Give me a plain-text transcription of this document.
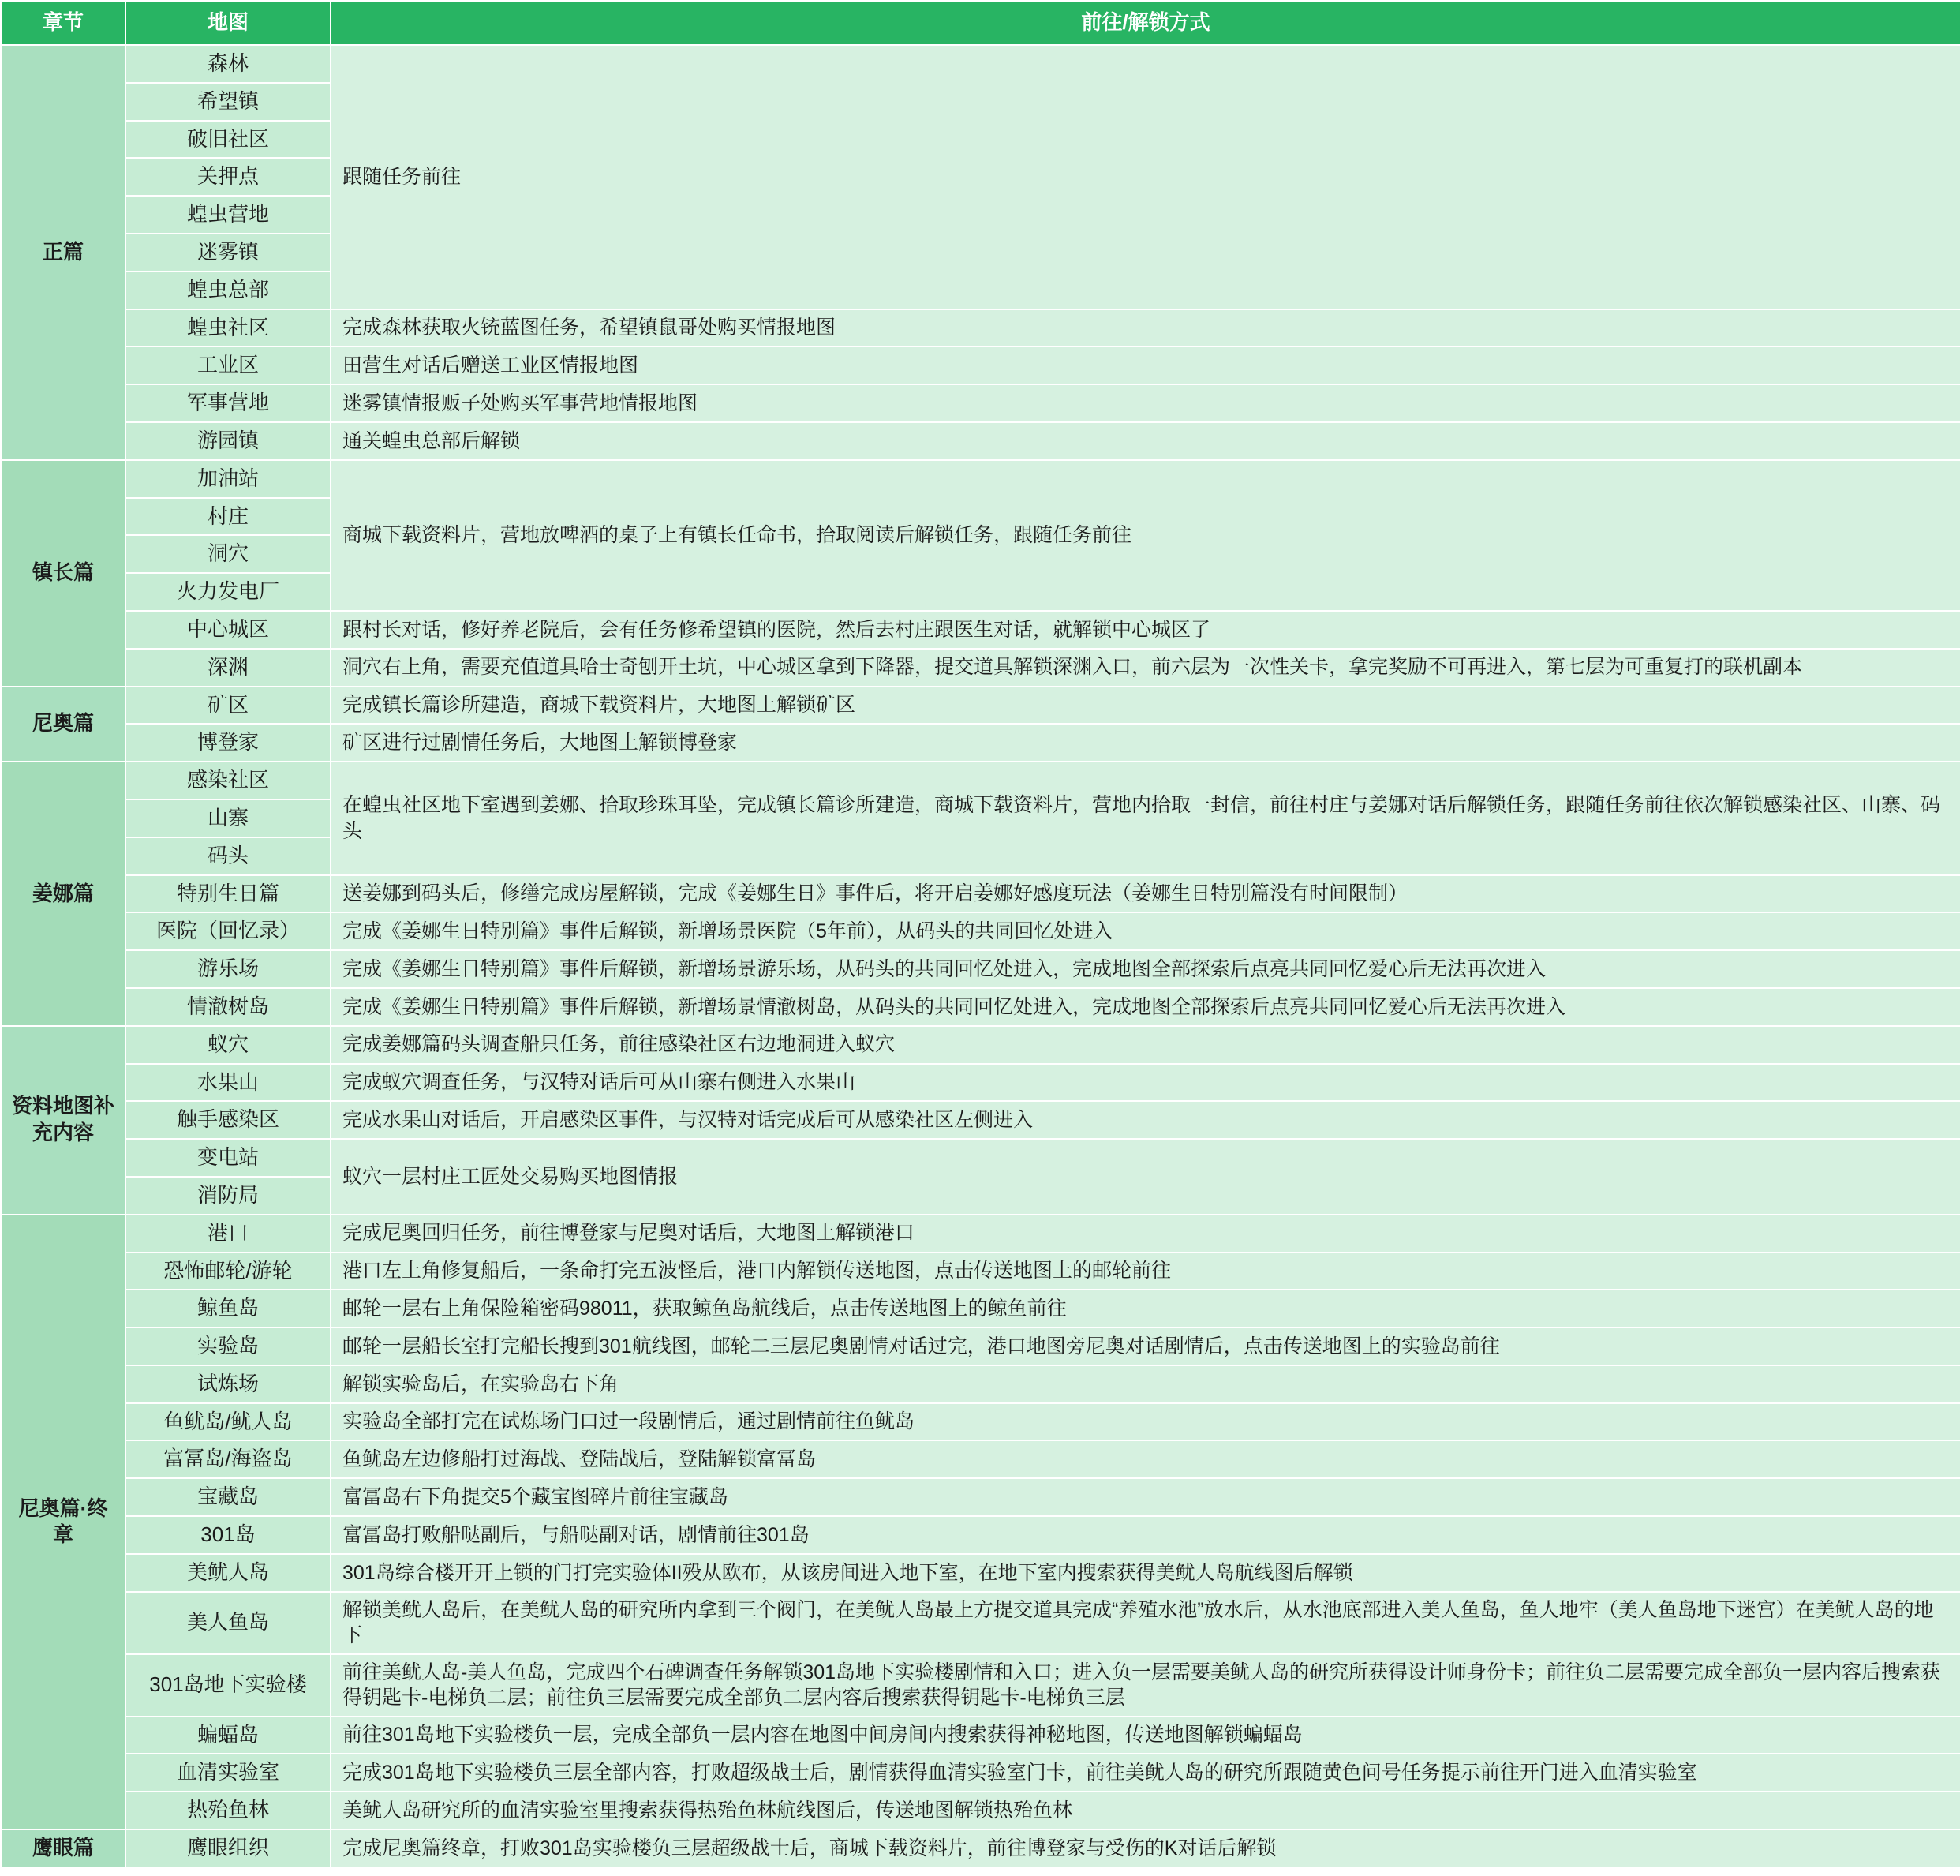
章节	地图	前往/解锁方式
正篇	森林	跟随任务前往
	希望镇	
	破旧社区	
	关押点	
	蝗虫营地	
	迷雾镇	
	蝗虫总部	
	蝗虫社区	完成森林获取火铳蓝图任务，希望镇鼠哥处购买情报地图
	工业区	田营生对话后赠送工业区情报地图
	军事营地	迷雾镇情报贩子处购买军事营地情报地图
	游园镇	通关蝗虫总部后解锁
镇长篇	加油站	商城下载资料片，营地放啤酒的桌子上有镇长任命书，拾取阅读后解锁任务，跟随任务前往
	村庄	
	洞穴	
	火力发电厂	
	中心城区	跟村长对话，修好养老院后，会有任务修希望镇的医院，然后去村庄跟医生对话，就解锁中心城区了
	深渊	洞穴右上角，需要充值道具哈士奇刨开土坑，中心城区拿到下降器，提交道具解锁深渊入口，前六层为一次性关卡，拿完奖励不可再进入，第七层为可重复打的联机副本
尼奥篇	矿区	完成镇长篇诊所建造，商城下载资料片，大地图上解锁矿区
	博登家	矿区进行过剧情任务后，大地图上解锁博登家
姜娜篇	感染社区	在蝗虫社区地下室遇到姜娜、拾取珍珠耳坠，完成镇长篇诊所建造，商城下载资料片，营地内拾取一封信，前往村庄与姜娜对话后解锁任务，跟随任务前往依次解锁感染社区、山寨、码头
	山寨	
	码头	
	特别生日篇	送姜娜到码头后，修缮完成房屋解锁，完成《姜娜生日》事件后，将开启姜娜好感度玩法（姜娜生日特别篇没有时间限制）
	医院（回忆录）	完成《姜娜生日特别篇》事件后解锁，新增场景医院（5年前），从码头的共同回忆处进入
	游乐场	完成《姜娜生日特别篇》事件后解锁，新增场景游乐场，从码头的共同回忆处进入，完成地图全部探索后点亮共同回忆爱心后无法再次进入
	情澈树岛	完成《姜娜生日特别篇》事件后解锁，新增场景情澈树岛，从码头的共同回忆处进入，完成地图全部探索后点亮共同回忆爱心后无法再次进入
资料地图补充内容	蚁穴	完成姜娜篇码头调查船只任务，前往感染社区右边地洞进入蚁穴
	水果山	完成蚁穴调查任务，与汉特对话后可从山寨右侧进入水果山
	触手感染区	完成水果山对话后，开启感染区事件，与汉特对话完成后可从感染社区左侧进入
	变电站	蚁穴一层村庄工匠处交易购买地图情报
	消防局	
尼奥篇·终章	港口	完成尼奥回归任务，前往博登家与尼奥对话后，大地图上解锁港口
	恐怖邮轮/游轮	港口左上角修复船后，一条命打完五波怪后，港口内解锁传送地图，点击传送地图上的邮轮前往
	鲸鱼岛	邮轮一层右上角保险箱密码98011，获取鲸鱼岛航线后，点击传送地图上的鲸鱼前往
	实验岛	邮轮一层船长室打完船长搜到301航线图，邮轮二三层尼奥剧情对话过完，港口地图旁尼奥对话剧情后，点击传送地图上的实验岛前往
	试炼场	解锁实验岛后，在实验岛右下角
	鱼鱿岛/鱿人岛	实验岛全部打完在试炼场门口过一段剧情后，通过剧情前往鱼鱿岛
	富冨岛/海盗岛	鱼鱿岛左边修船打过海战、登陆战后，登陆解锁富冨岛
	宝藏岛	富冨岛右下角提交5个藏宝图碎片前往宝藏岛
	301岛	富冨岛打败船哒副后，与船哒副对话，剧情前往301岛
	美鱿人岛	301岛综合楼开开上锁的门打完实验体II殁从欧布，从该房间进入地下室，在地下室内搜索获得美鱿人岛航线图后解锁
	美人鱼岛	解锁美鱿人岛后，在美鱿人岛的研究所内拿到三个阀门，在美鱿人岛最上方提交道具完成“养殖水池”放水后，从水池底部进入美人鱼岛，鱼人地牢（美人鱼岛地下迷宫）在美鱿人岛的地下
	301岛地下实验楼	前往美鱿人岛-美人鱼岛，完成四个石碑调查任务解锁301岛地下实验楼剧情和入口；进入负一层需要美鱿人岛的研究所获得设计师身份卡；前往负二层需要完成全部负一层内容后搜索获得钥匙卡-电梯负二层；前往负三层需要完成全部负二层内容后搜索获得钥匙卡-电梯负三层
	蝙蝠岛	前往301岛地下实验楼负一层，完成全部负一层内容在地图中间房间内搜索获得神秘地图，传送地图解锁蝙蝠岛
	血清实验室	完成301岛地下实验楼负三层全部内容，打败超级战士后，剧情获得血清实验室门卡，前往美鱿人岛的研究所跟随黄色问号任务提示前往开门进入血清实验室
	热殆鱼林	美鱿人岛研究所的血清实验室里搜索获得热殆鱼林航线图后，传送地图解锁热殆鱼林
鹰眼篇	鹰眼组织	完成尼奥篇终章，打败301岛实验楼负三层超级战士后，商城下载资料片，前往博登家与受伤的K对话后解锁
